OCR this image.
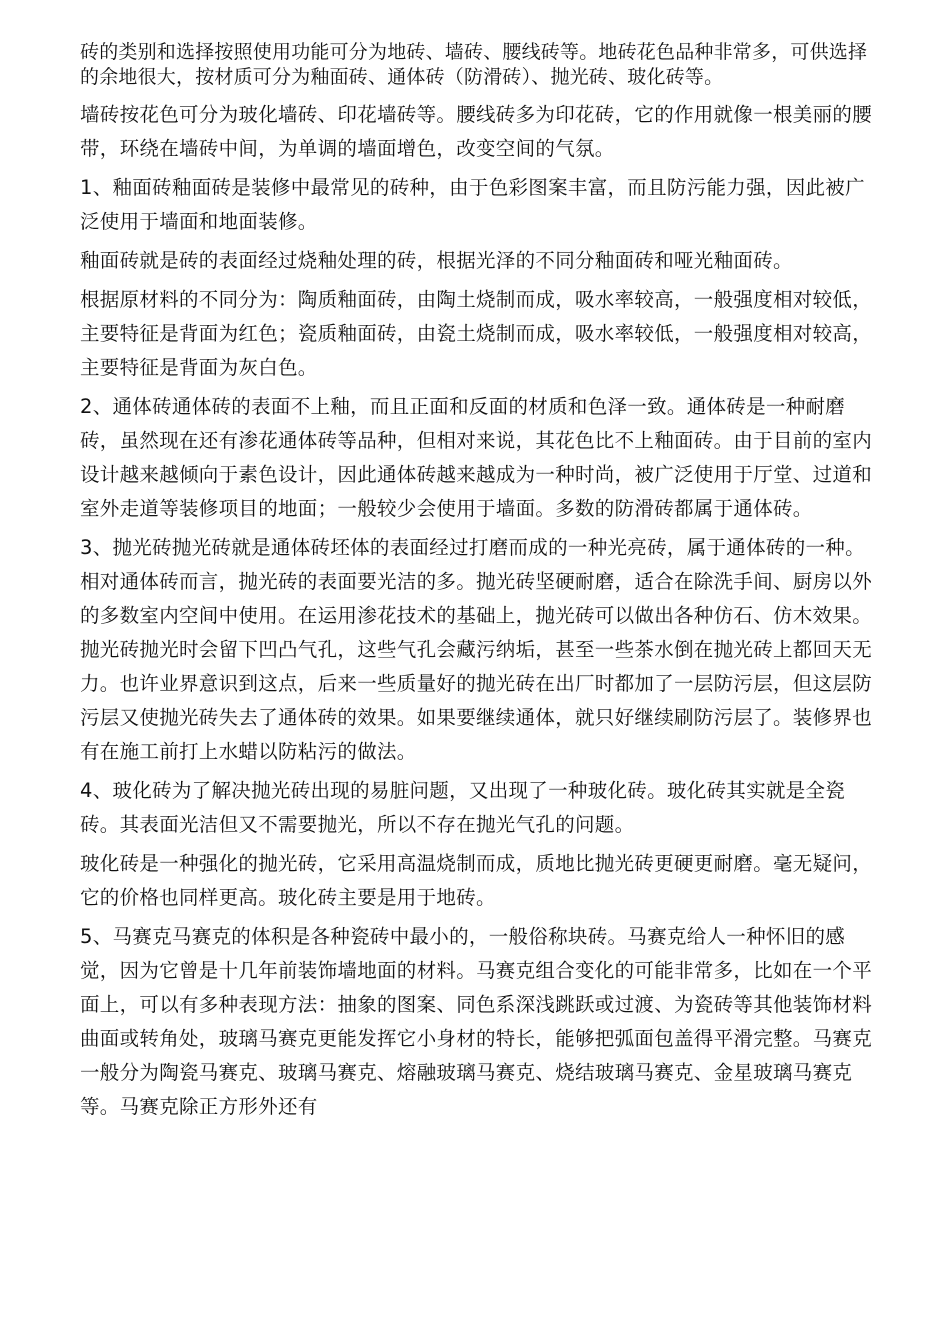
砖的类别和选择按照使用功能可分为地砖、墙砖、腰线砖等。地砖花色品种非常多，可供选择的余地很大，按材质可分为釉面砖、通体砖（防滑砖）、抛光砖、玻化砖等。

墙砖按花色可分为玻化墙砖、印花墙砖等。腰线砖多为印花砖，它的作用就像一根美丽的腰带，环绕在墙砖中间，为单调的墙面增色，改变空间的气氛。

1、釉面砖釉面砖是装修中最常见的砖种，由于色彩图案丰富，而且防污能力强，因此被广泛使用于墙面和地面装修。

釉面砖就是砖的表面经过烧釉处理的砖，根据光泽的不同分釉面砖和哑光釉面砖。

根据原材料的不同分为：陶质釉面砖，由陶土烧制而成，吸水率较高，一般强度相对较低，主要特征是背面为红色；瓷质釉面砖，由瓷土烧制而成，吸水率较低，一般强度相对较高，主要特征是背面为灰白色。

2、通体砖通体砖的表面不上釉，而且正面和反面的材质和色泽一致。通体砖是一种耐磨砖，虽然现在还有渗花通体砖等品种，但相对来说，其花色比不上釉面砖。由于目前的室内设计越来越倾向于素色设计，因此通体砖越来越成为一种时尚，被广泛使用于厅堂、过道和室外走道等装修项目的地面；一般较少会使用于墙面。多数的防滑砖都属于通体砖。

3、抛光砖抛光砖就是通体砖坯体的表面经过打磨而成的一种光亮砖，属于通体砖的一种。相对通体砖而言，抛光砖的表面要光洁的多。抛光砖坚硬耐磨，适合在除洗手间、厨房以外的多数室内空间中使用。在运用渗花技术的基础上，抛光砖可以做出各种仿石、仿木效果。抛光砖抛光时会留下凹凸气孔，这些气孔会藏污纳垢，甚至一些茶水倒在抛光砖上都回天无力。也许业界意识到这点，后来一些质量好的抛光砖在出厂时都加了一层防污层，但这层防污层又使抛光砖失去了通体砖的效果。如果要继续通体，就只好继续刷防污层了。装修界也有在施工前打上水蜡以防粘污的做法。

4、玻化砖为了解决抛光砖出现的易脏问题，又出现了一种玻化砖。玻化砖其实就是全瓷砖。其表面光洁但又不需要抛光，所以不存在抛光气孔的问题。

玻化砖是一种强化的抛光砖，它采用高温烧制而成，质地比抛光砖更硬更耐磨。毫无疑问，它的价格也同样更高。玻化砖主要是用于地砖。

5、马赛克马赛克的体积是各种瓷砖中最小的，一般俗称块砖。马赛克给人一种怀旧的感觉，因为它曾是十几年前装饰墙地面的材料。马赛克组合变化的可能非常多，比如在一个平面上，可以有多种表现方法：抽象的图案、同色系深浅跳跃或过渡、为瓷砖等其他装饰材料曲面或转角处，玻璃马赛克更能发挥它小身材的特长，能够把弧面包盖得平滑完整。马赛克一般分为陶瓷马赛克、玻璃马赛克、熔融玻璃马赛克、烧结玻璃马赛克、金星玻璃马赛克等。马赛克除正方形外还有
